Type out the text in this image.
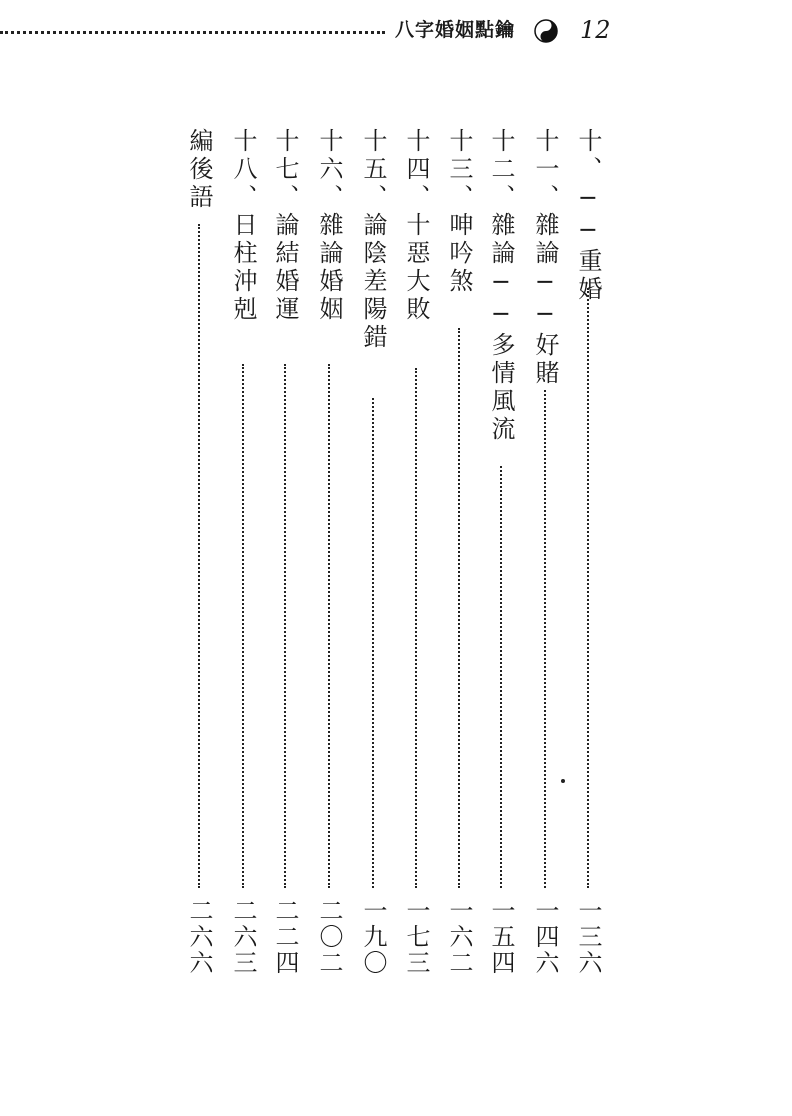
八字婚姻點鑰	12
十、──重婚
一三六
十一、雜論──好賭
一四六
十二、雜論──多情風流
一五四
十三、呻吟煞
一六二
十四、十惡大敗
一七三
十五、論陰差陽錯
一九〇
十六、雜論婚姻
二〇二
十七、論結婚運
二二四
十八、日柱沖剋
二六三
編後語
二六六
